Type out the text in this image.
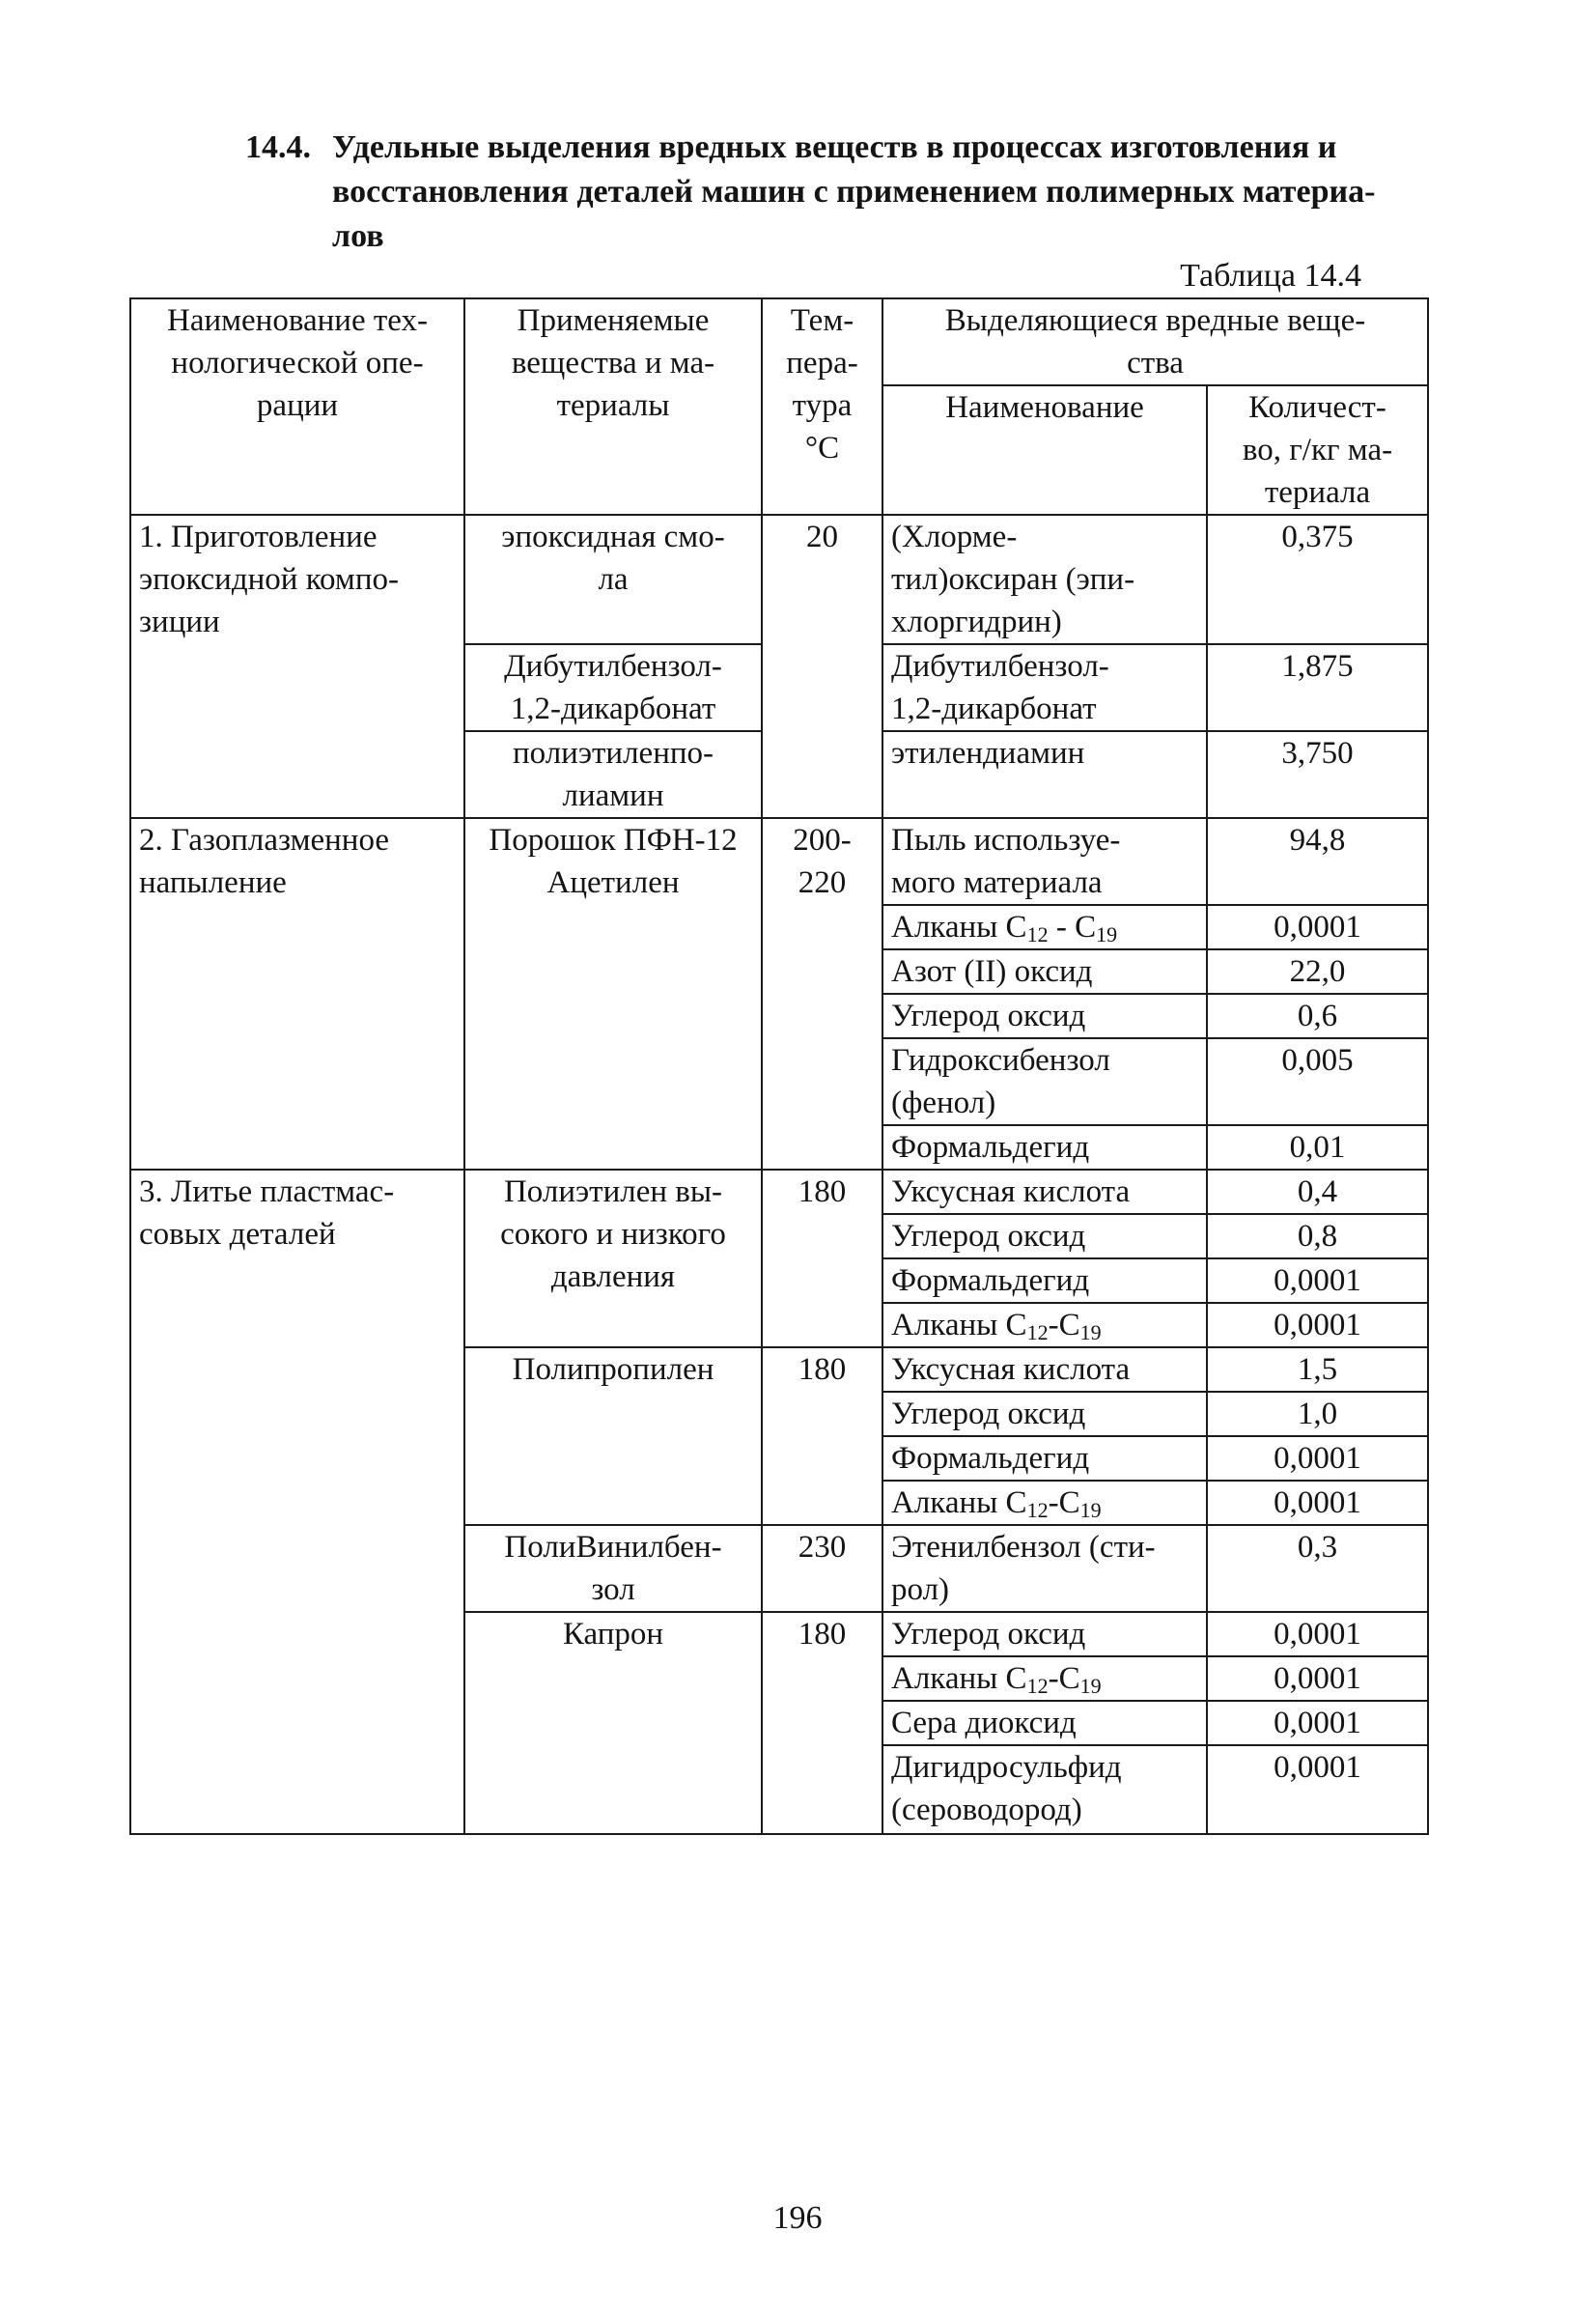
14.4. Удельные выделения вредных веществ в процессах изготовления и
восстановления деталей машин с применением полимерных материа-
лов
Таблица 14.4
Наименование тех-
нологической опе-
рации	Применяемые
вещества и ма-
териалы	Тем-
пера-
тура
°С	Выделяющиеся вредные веще-
ства	

			Наименование	Количест-
во, г/кг ма-
териала

1. Приготовление
эпоксидной компо-
зиции	эпоксидная смо-
ла	20	(Хлорме-
тил)оксиран (эпи-
хлоргидрин)	0,375

	Дибутилбензол-
1,2-дикарбонат		Дибутилбензол-
1,2-дикарбонат	1,875

	полиэтиленпо-
лиамин		этилендиамин	3,750

2. Газоплазменное
напыление	Порошок ПФН-12
Ацетилен	200-
220	Пыль используе-
мого материала	94,8

			Алканы $С_{12} - С_{19}$	0,0001

			Азот (II) оксид	22,0

			Углерод оксид	0,6

			Гидроксибензол
(фенол)	0,005

			Формальдегид	0,01

3. Литье пластмас-
совых деталей	Полиэтилен вы-
сокого и низкого
давления	180	Уксусная кислота	0,4

			Углерод оксид	0,8

			Формальдегид	0,0001

			Алканы $С_{12}-С_{19}$	0,0001

	Полипропилен	180	Уксусная кислота	1,5

			Углерод оксид	1,0

			Формальдегид	0,0001

			Алканы $С_{12}-С_{19}$	0,0001

	ПолиВинилбен-
зол	230	Этенилбензол (сти-
рол)	0,3

	Капрон	180	Углерод оксид	0,0001

			Алканы $С_{12}-С_{19}$	0,0001

			Сера диоксид	0,0001

			Дигидросульфид
(сероводород)	0,0001
196
